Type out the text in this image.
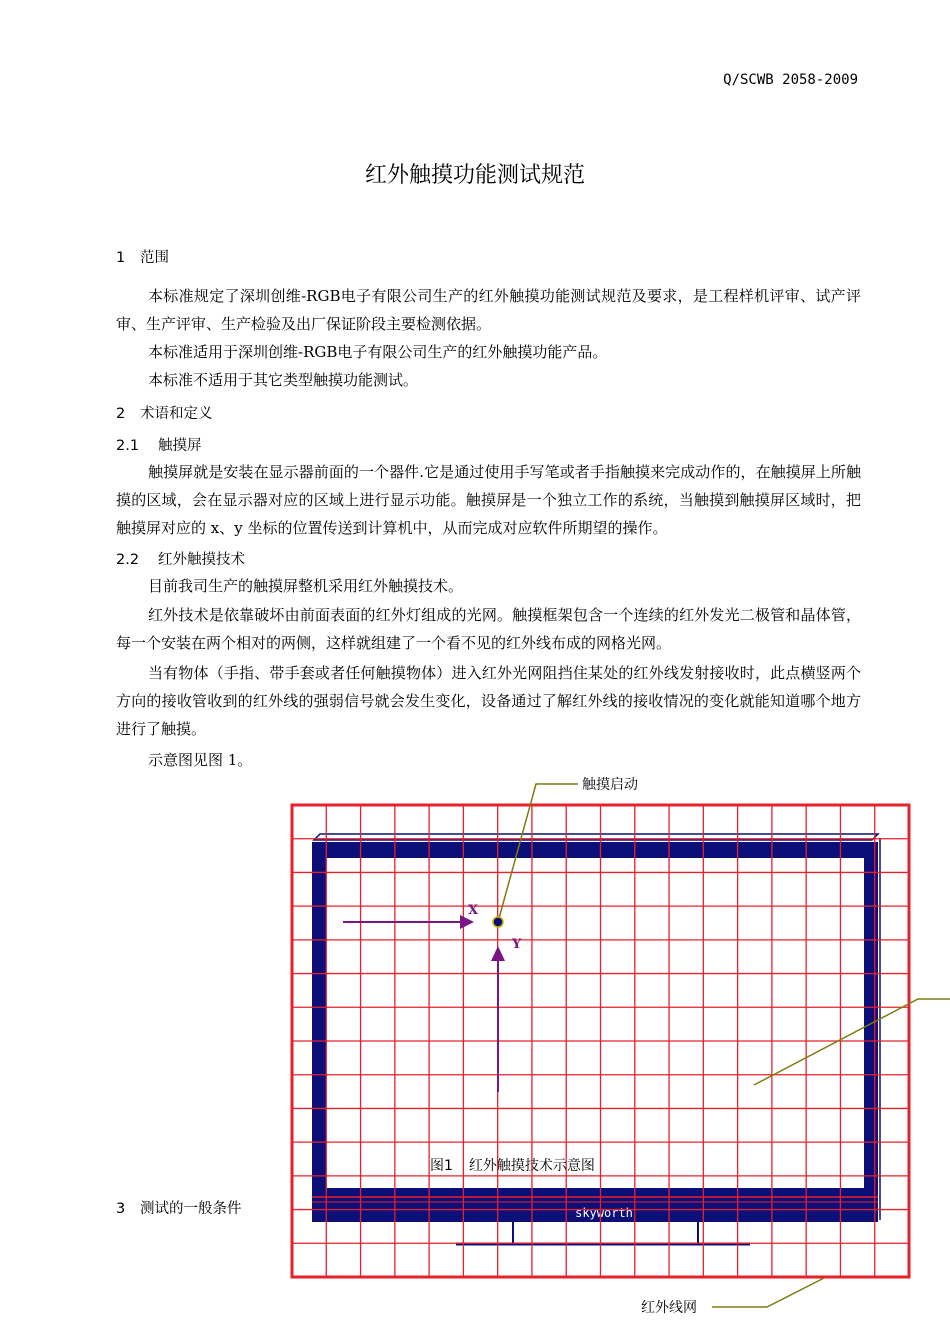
Q/SCWB 2058-2009
红外触摸功能测试规范
1 范围
本标准规定了深圳创维-RGB电子有限公司生产的红外触摸功能测试规范及要求，是工程样机评审、试产评审、生产评审、生产检验及出厂保证阶段主要检测依据。
本标准适用于深圳创维-RGB电子有限公司生产的红外触摸功能产品。
本标准不适用于其它类型触摸功能测试。
2 术语和定义
2.1 触摸屏
触摸屏就是安装在显示器前面的一个器件.它是通过使用手写笔或者手指触摸来完成动作的，在触摸屏上所触摸的区域，会在显示器对应的区域上进行显示功能。触摸屏是一个独立工作的系统，当触摸到触摸屏区域时，把触摸屏对应的 x、y 坐标的位置传送到计算机中，从而完成对应软件所期望的操作。
2.2 红外触摸技术
目前我司生产的触摸屏整机采用红外触摸技术。
红外技术是依靠破坏由前面表面的红外灯组成的光网。触摸框架包含一个连续的红外发光二极管和晶体管，每一个安装在两个相对的两侧，这样就组建了一个看不见的红外线布成的网格光网。
当有物体（手指、带手套或者任何触摸物体）进入红外光网阻挡住某处的红外线发射接收时，此点横竖两个方向的接收管收到的红外线的强弱信号就会发生变化，设备通过了解红外线的接收情况的变化就能知道哪个地方进行了触摸。
示意图见图 1。
3 测试的一般条件	skyworth
X
Y
触摸启动
红外线网
图1 红外触摸技术示意图
